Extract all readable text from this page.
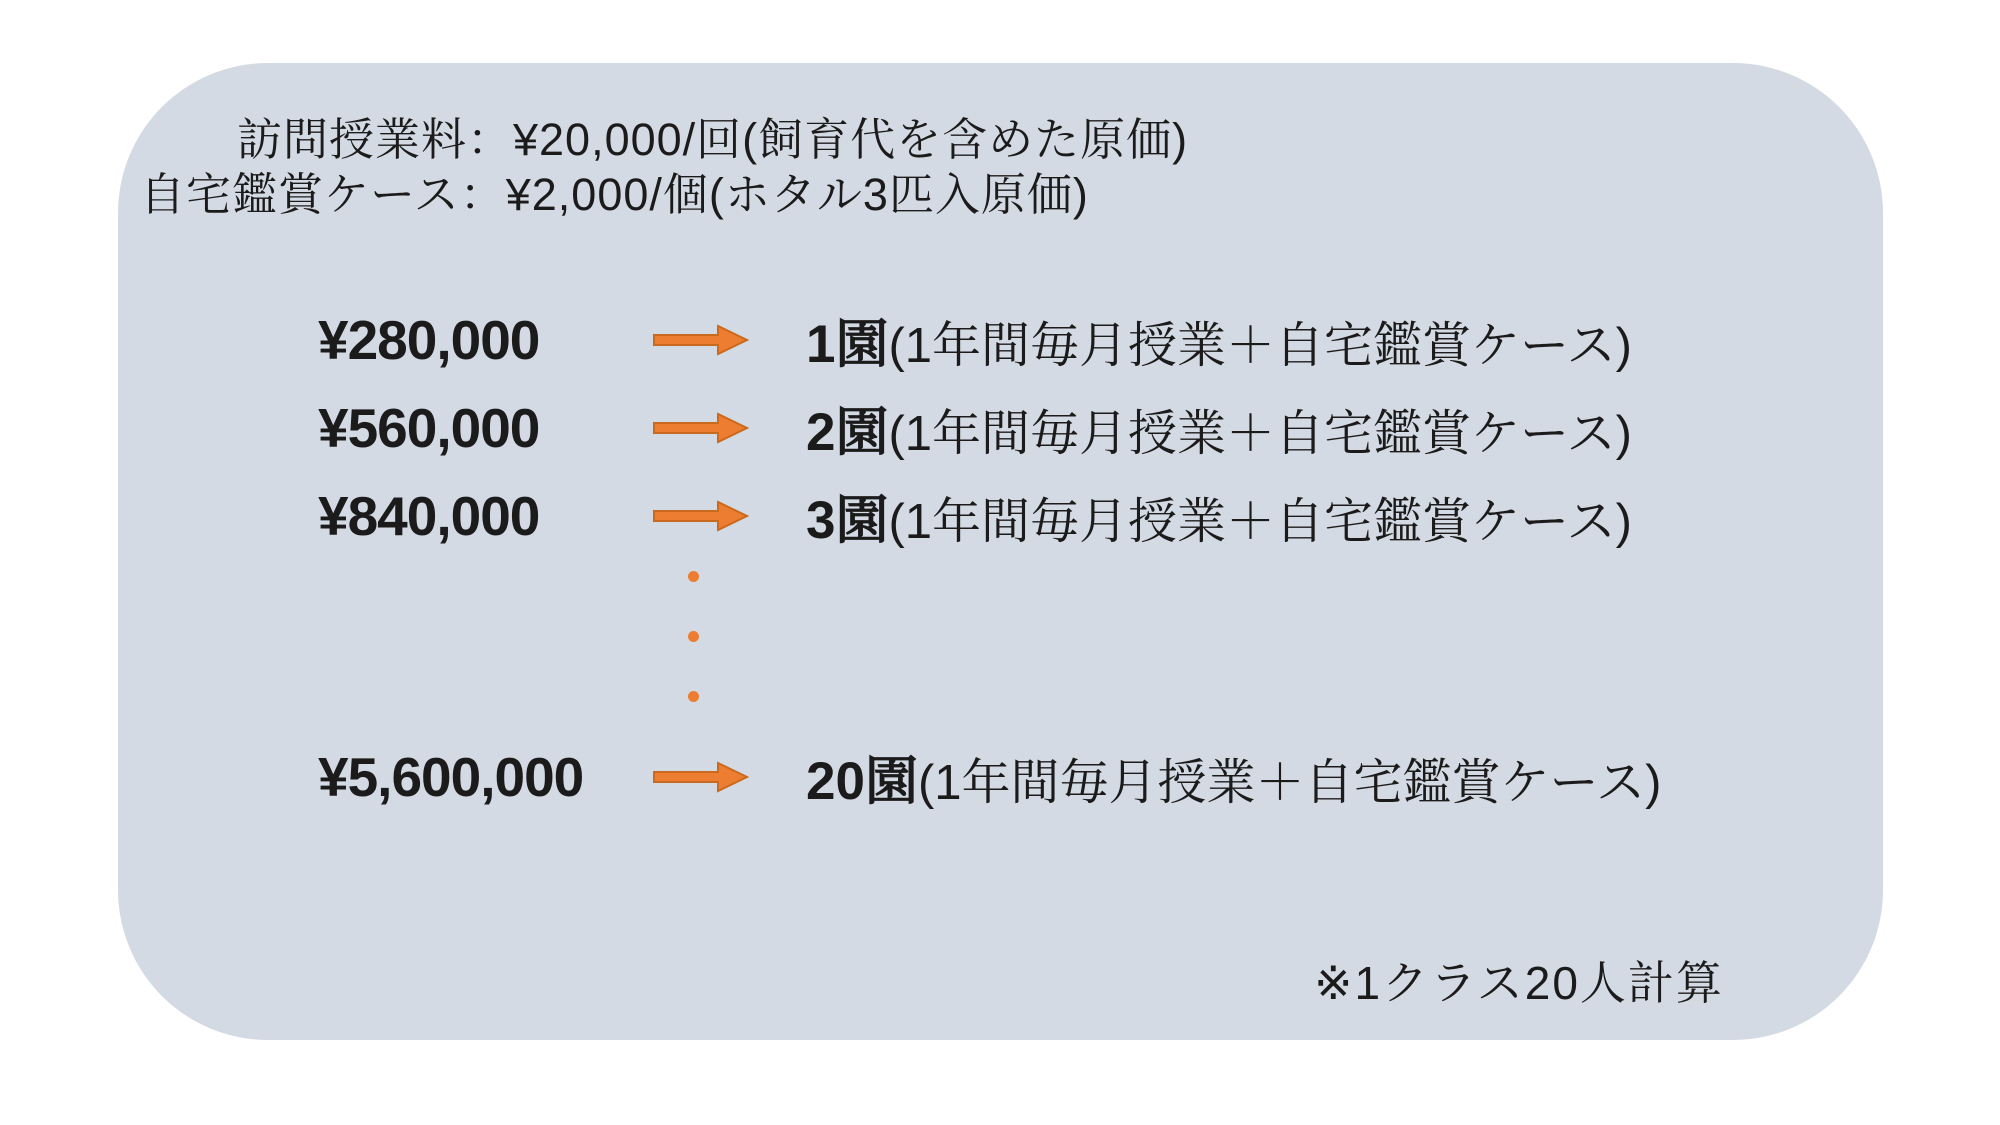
訪問授業料：¥20,000/回(飼育代を含めた原価)
自宅鑑賞ケース：¥2,000/個(ホタル3匹入原価)
¥280,000	1園 (1年間毎月授業＋自宅鑑賞ケース)
¥560,000	2園 (1年間毎月授業＋自宅鑑賞ケース)
¥840,000	3園 (1年間毎月授業＋自宅鑑賞ケース)
¥5,600,000	20園 (1年間毎月授業＋自宅鑑賞ケース)
※1クラス20人計算
